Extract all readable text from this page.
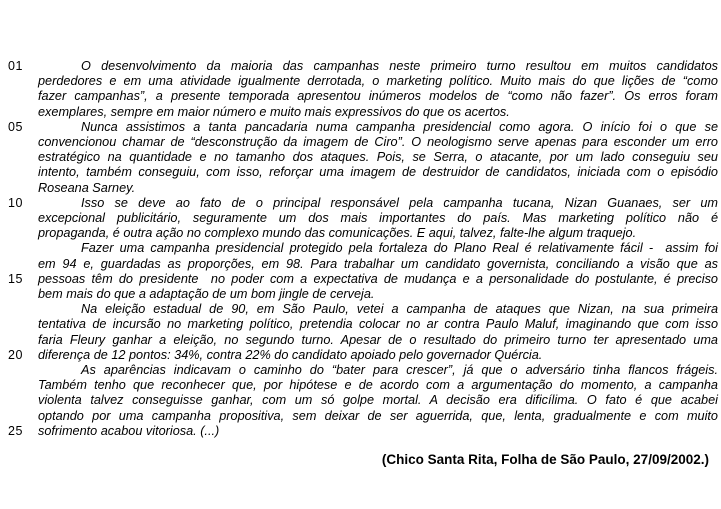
01	O desenvolvimento da maioria das campanhas neste primeiro turno resultou em muitos candidatos
perdedores e em uma atividade igualmente derrotada, o marketing político. Muito mais do que lições de “como
fazer campanhas”, a presente temporada apresentou inúmeros modelos de “como não fazer”. Os erros foram
exemplares, sempre em maior número e muito mais expressivos do que os acertos.
05	Nunca assistimos a tanta pancadaria numa campanha presidencial como agora. O início foi o que se
convencionou chamar de “desconstrução da imagem de Ciro”. O neologismo serve apenas para esconder um erro
estratégico na quantidade e no tamanho dos ataques. Pois, se Serra, o atacante, por um lado conseguiu seu
intento, também conseguiu, com isso, reforçar uma imagem de destruidor de candidatos, iniciada com o episódio
Roseana Sarney.
10	Isso se deve ao fato de o principal responsável pela campanha tucana, Nizan Guanaes, ser um
excepcional publicitário, seguramente um dos mais importantes do país. Mas marketing político não é
propaganda, é outra ação no complexo mundo das comunicações. E aqui, talvez, falte-lhe algum traquejo.
Fazer uma campanha presidencial protegido pela fortaleza do Plano Real é relativamente fácil -  assim foi
em 94 e, guardadas as proporções, em 98. Para trabalhar um candidato governista, conciliando a visão que as
15	pessoas têm do presidente  no poder com a expectativa de mudança e a personalidade do postulante, é preciso
bem mais do que a adaptação de um bom jingle de cerveja.
Na eleição estadual de 90, em São Paulo, vetei a campanha de ataques que Nizan, na sua primeira
tentativa de incursão no marketing político, pretendia colocar no ar contra Paulo Maluf, imaginando que com isso
faria Fleury ganhar a eleição, no segundo turno. Apesar de o resultado do primeiro turno ter apresentado uma
20	diferença de 12 pontos: 34%, contra 22% do candidato apoiado pelo governador Quércia.
As aparências indicavam o caminho do “bater para crescer”, já que o adversário tinha flancos frágeis.
Também tenho que reconhecer que, por hipótese e de acordo com a argumentação do momento, a campanha
violenta talvez conseguisse ganhar, com um só golpe mortal. A decisão era dificílima. O fato é que acabei
optando por uma campanha propositiva, sem deixar de ser aguerrida, que, lenta, gradualmente e com muito
25	sofrimento acabou vitoriosa. (...)
(Chico Santa Rita, Folha de São Paulo, 27/09/2002.)
